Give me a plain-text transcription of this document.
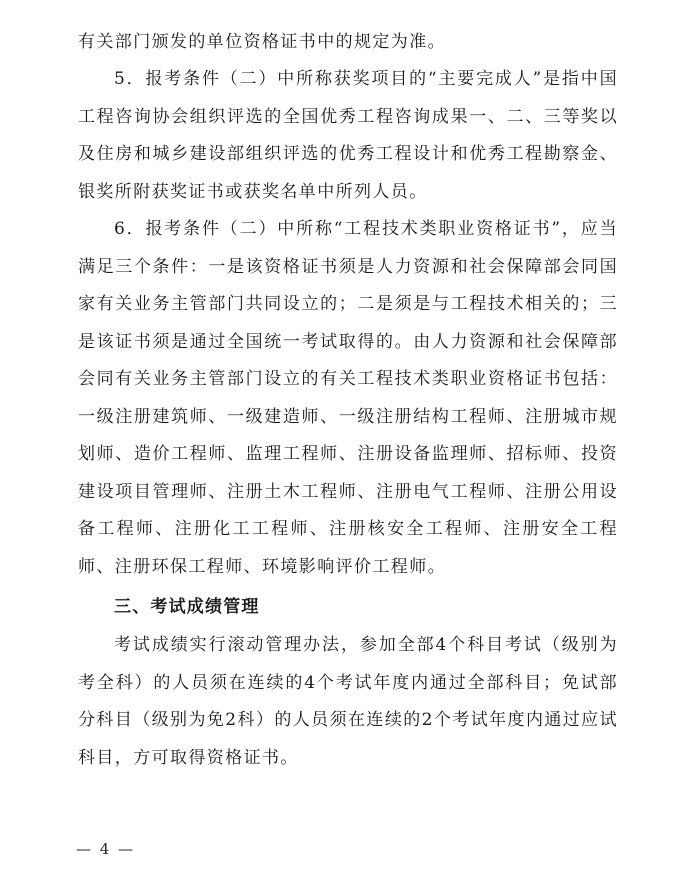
有关部门颁发的单位资格证书中的规定为准。

5．报考条件（二）中所称获奖项目的“主要完成人”是指中国工程咨询协会组织评选的全国优秀工程咨询成果一、二、三等奖以及住房和城乡建设部组织评选的优秀工程设计和优秀工程勘察金、银奖所附获奖证书或获奖名单中所列人员。

6．报考条件（二）中所称“工程技术类职业资格证书”，应当满足三个条件：一是该资格证书须是人力资源和社会保障部会同国家有关业务主管部门共同设立的；二是须是与工程技术相关的；三是该证书须是通过全国统一考试取得的。由人力资源和社会保障部会同有关业务主管部门设立的有关工程技术类职业资格证书包括：一级注册建筑师、一级建造师、一级注册结构工程师、注册城市规划师、造价工程师、监理工程师、注册设备监理师、招标师、投资建设项目管理师、注册土木工程师、注册电气工程师、注册公用设备工程师、注册化工工程师、注册核安全工程师、注册安全工程师、注册环保工程师、环境影响评价工程师。

三、考试成绩管理

考试成绩实行滚动管理办法，参加全部4个科目考试（级别为考全科）的人员须在连续的4个考试年度内通过全部科目；免试部分科目（级别为免2科）的人员须在连续的2个考试年度内通过应试科目，方可取得资格证书。

— 4 —
